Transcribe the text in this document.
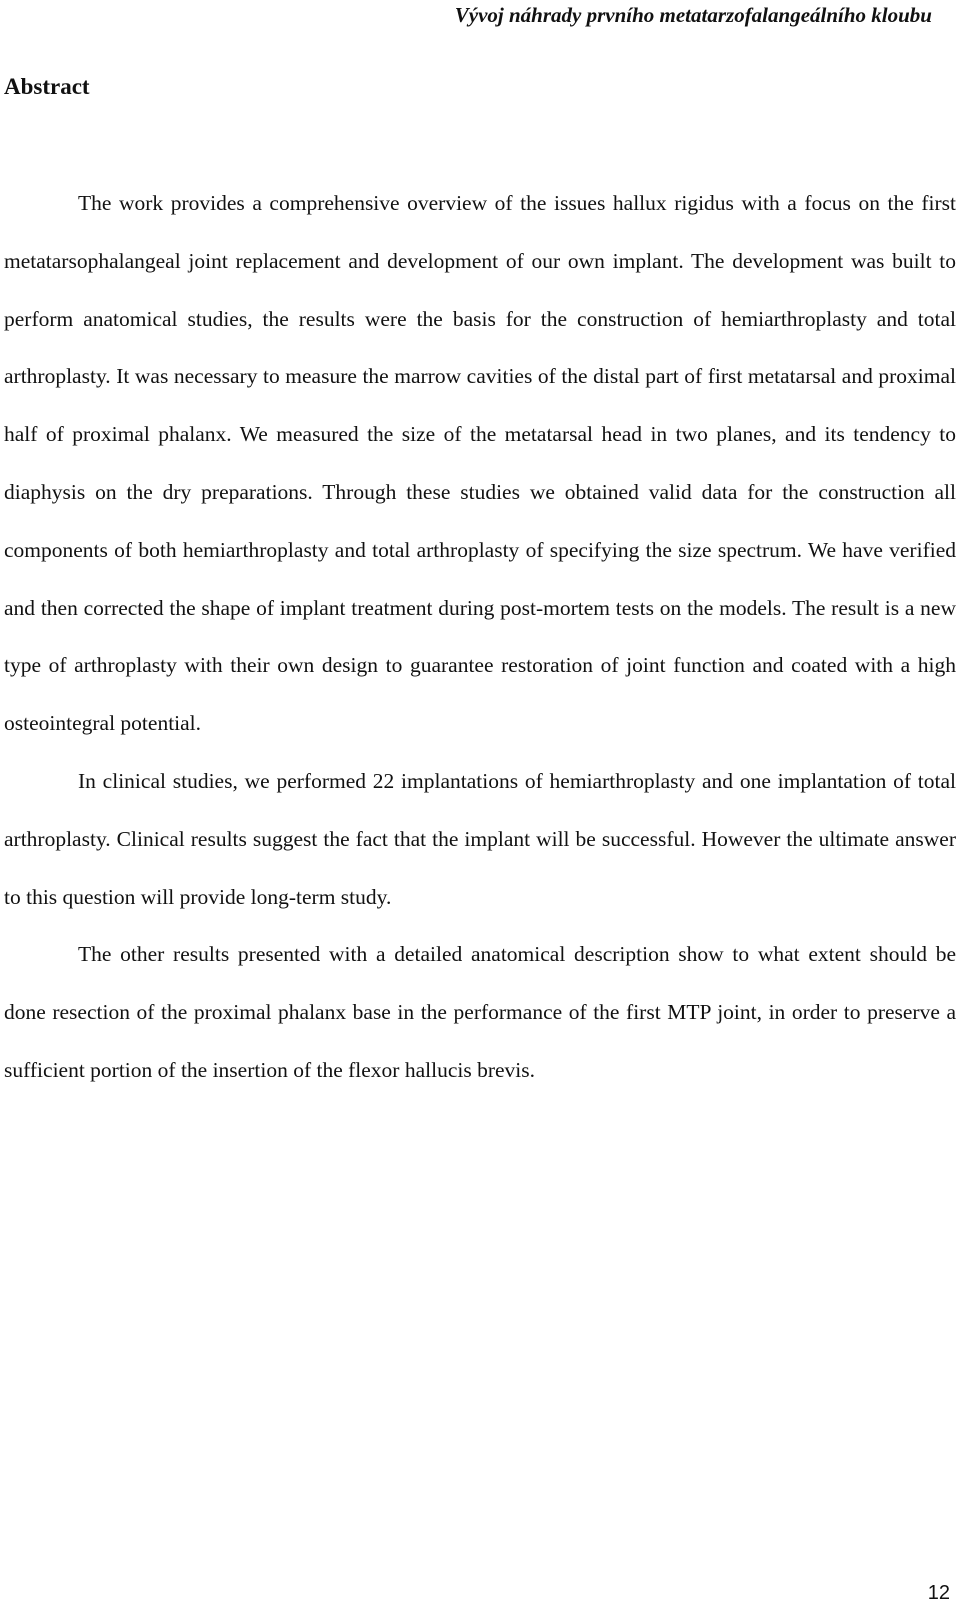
Vývoj náhrady prvního metatarzofalangeálního kloubu
Abstract

The work provides a comprehensive overview of the issues hallux rigidus with a focus on the first metatarsophalangeal joint replacement and development of our own implant. The development was built to perform anatomical studies, the results were the basis for the construction of hemiarthroplasty and total arthroplasty. It was necessary to measure the marrow cavities of the distal part of first metatarsal and proximal half of proximal phalanx. We measured the size of the metatarsal head in two planes, and its tendency to diaphysis on the dry preparations. Through these studies we obtained valid data for the construction all components of both hemiarthroplasty and total arthroplasty of specifying the size spectrum. We have verified and then corrected the shape of implant treatment during post-mortem tests on the models. The result is a new type of arthroplasty with their own design to guarantee restoration of joint function and coated with a high osteointegral potential.

In clinical studies, we performed 22 implantations of hemiarthroplasty and one implantation of total arthroplasty. Clinical results suggest the fact that the implant will be successful. However the ultimate answer to this question will provide long-term study.

The other results presented with a detailed anatomical description show to what extent should be done resection of the proximal phalanx base in the performance of the first MTP joint, in order to preserve a sufficient portion of the insertion of the flexor hallucis brevis.

12
